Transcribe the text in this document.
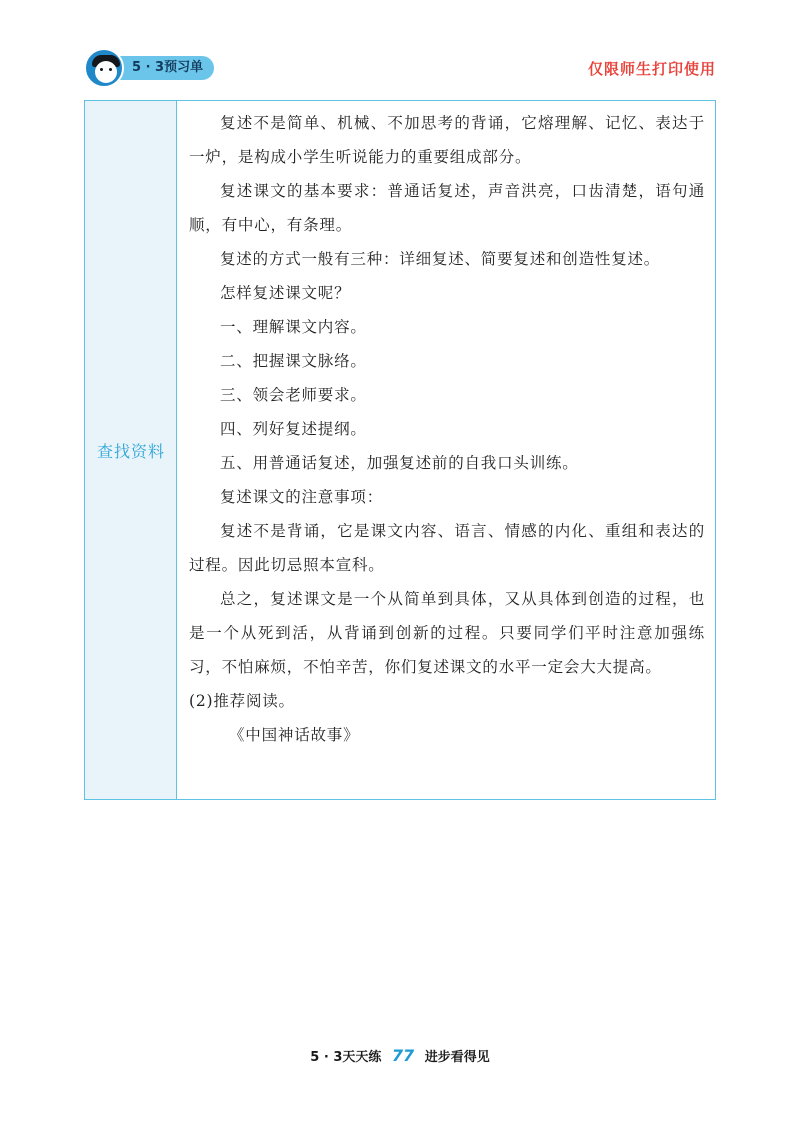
5 · 3预习单	仅限师生打印使用
查找资料

复述不是简单、机械、不加思考的背诵，它熔理解、记忆、表达于一炉，是构成小学生听说能力的重要组成部分。

复述课文的基本要求：普通话复述，声音洪亮，口齿清楚，语句通顺，有中心，有条理。

复述的方式一般有三种：详细复述、简要复述和创造性复述。

怎样复述课文呢？

一、理解课文内容。

二、把握课文脉络。

三、领会老师要求。

四、列好复述提纲。

五、用普通话复述，加强复述前的自我口头训练。

复述课文的注意事项：

复述不是背诵，它是课文内容、语言、情感的内化、重组和表达的过程。因此切忌照本宣科。

总之，复述课文是一个从简单到具体，又从具体到创造的过程，也是一个从死到活，从背诵到创新的过程。只要同学们平时注意加强练习，不怕麻烦，不怕辛苦，你们复述课文的水平一定会大大提高。

(2)推荐阅读。

《中国神话故事》

5 · 3天天练 77 进步看得见
